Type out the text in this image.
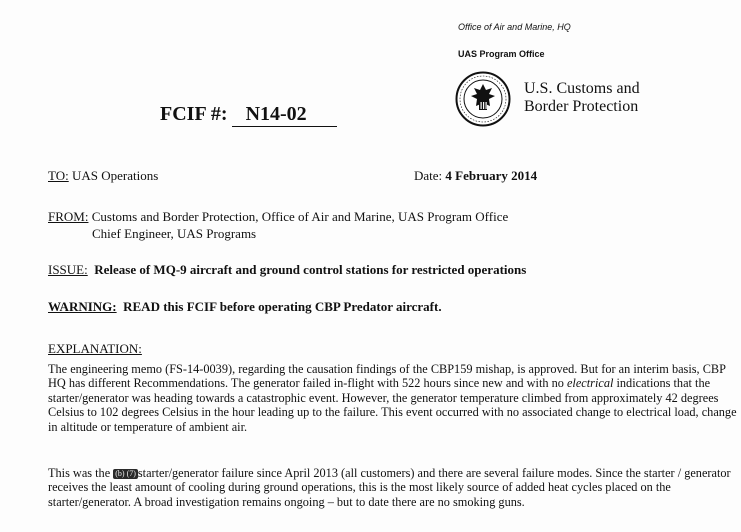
Office of Air and Marine, HQ
UAS Program Office
U.S. Customs and
Border Protection
FCIF #: N14-02
TO: UAS Operations	Date: 4 February 2014
FROM: Customs and Border Protection, Office of Air and Marine, UAS Program Office
Chief Engineer, UAS Programs
ISSUE: Release of MQ-9 aircraft and ground control stations for restricted operations
WARNING: READ this FCIF before operating CBP Predator aircraft.
EXPLANATION:
The engineering memo (FS-14-0039), regarding the causation findings of the CBP159 mishap, is approved. But for an interim basis, CBP HQ has different Recommendations. The generator failed in-flight with 522 hours since new and with no electrical indications that the starter/generator was heading towards a catastrophic event. However, the generator temperature climbed from approximately 42 degrees Celsius to 102 degrees Celsius in the hour leading up to the failure. This event occurred with no associated change to electrical load, change in altitude or temperature of ambient air.
This was the (b) (7) starter/generator failure since April 2013 (all customers) and there are several failure modes. Since the starter / generator receives the least amount of cooling during ground operations, this is the most likely source of added heat cycles placed on the starter/generator. A broad investigation remains ongoing – but to date there are no smoking guns.
